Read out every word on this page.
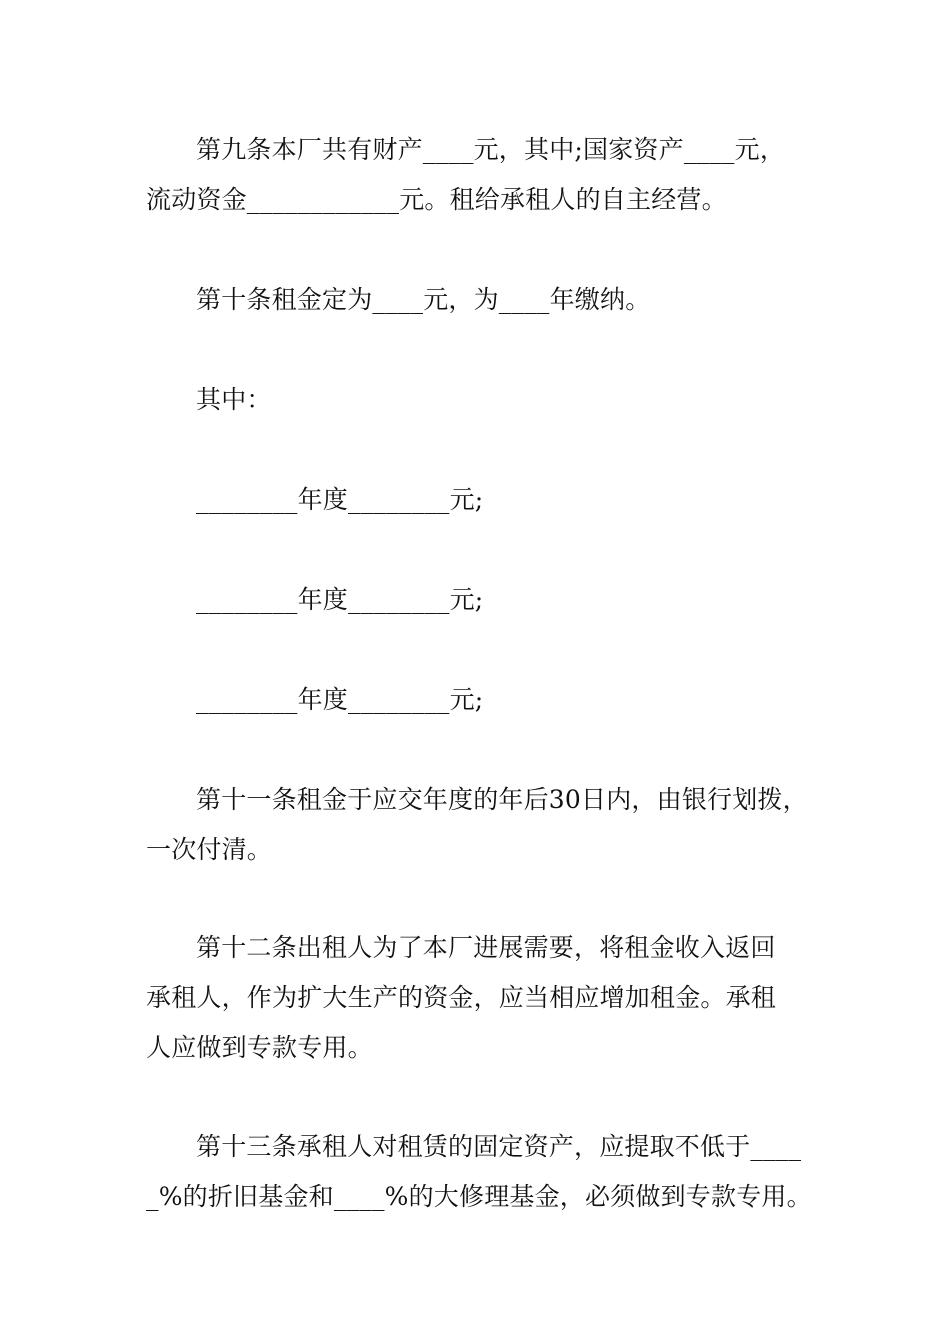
第九条本厂共有财产____元，其中;国家资产____元，
流动资金____________元。租给承租人的自主经营。
第十条租金定为____元，为____年缴纳。
其中：
________年度________元;
________年度________元;
________年度________元;
第十一条租金于应交年度的年后30日内，由银行划拨，
一次付清。
第十二条出租人为了本厂进展需要，将租金收入返回
承租人，作为扩大生产的资金，应当相应增加租金。承租
人应做到专款专用。
第十三条承租人对租赁的固定资产，应提取不低于____
_%的折旧基金和____%的大修理基金，必须做到专款专用。
